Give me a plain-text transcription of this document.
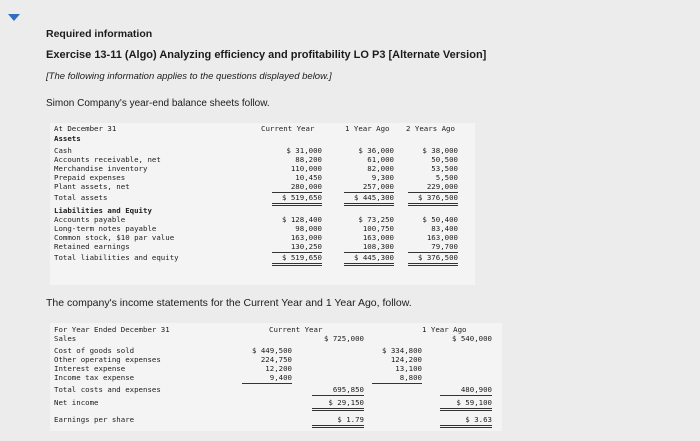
Required information
Exercise 13-11 (Algo) Analyzing efficiency and profitability LO P3 [Alternate Version]
[The following information applies to the questions displayed below.]
Simon Company's year-end balance sheets follow.
At December 31	Current Year	1 Year Ago 2 Years Ago
Assets
Cash	$ 31,000	$ 36,000	$ 38,000
Accounts receivable, net	88,200	61,000	50,500
Merchandise inventory	110,000	82,000	53,500
Prepaid expenses	10,450	9,300	5,500
Plant assets, net	280,000	257,000	229,000
Total assets	$ 519,650	$ 445,300	$ 376,500
Liabilities and Equity
Accounts payable	$ 128,400	$ 73,250	$ 50,400
Long-term notes payable	98,000	100,750	83,400
Common stock, $10 par value	163,000	163,000	163,000
Retained earnings	130,250	108,300	79,700
Total liabilities and equity	$ 519,650	$ 445,300	$ 376,500
The company's income statements for the Current Year and 1 Year Ago, follow.
For Year Ended December 31	Current Year	1 Year Ago
Sales	$ 725,000	$ 540,000
Cost of goods sold	$ 449,500	$ 334,800
Other operating expenses	224,750	124,200
Interest expense	12,200	13,100
Income tax expense	9,400	8,800
Total costs and expenses	695,850	480,900
Net income	$ 29,150	$ 59,100
Earnings per share	$ 1.79	$ 3.63
